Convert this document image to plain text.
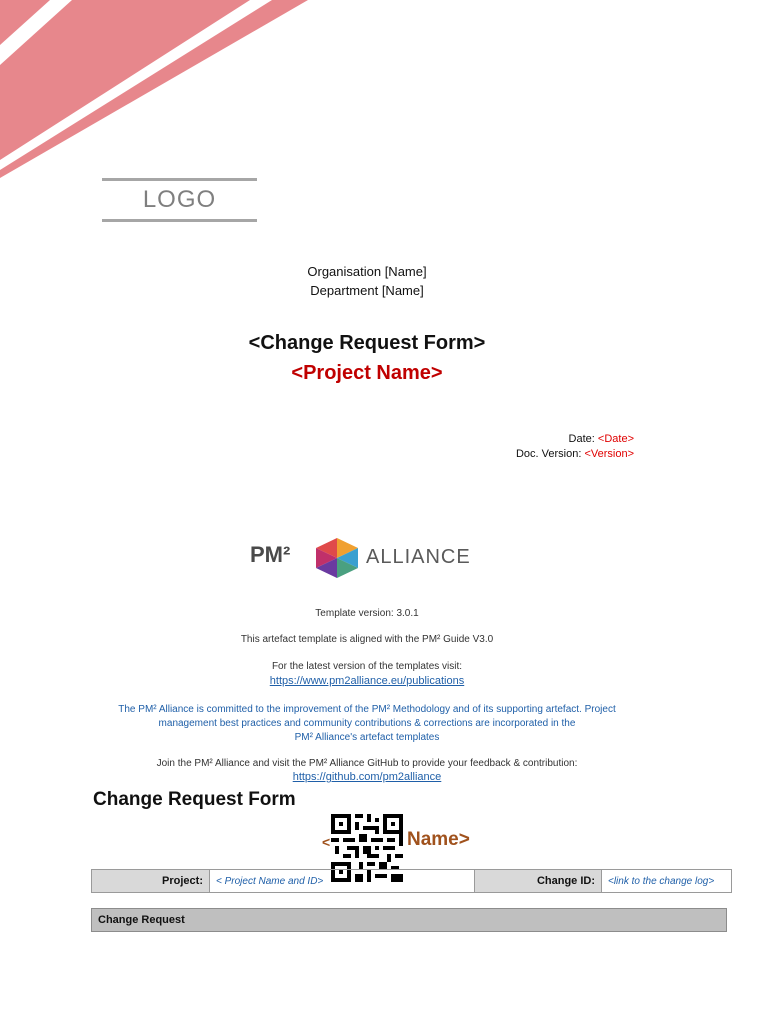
LOGO
Organisation [Name]
Department [Name]
<Change Request Form>
<Project Name>
Date: <Date>
Doc. Version: <Version>
PM²	ALLIANCE
Template version: 3.0.1
This artefact template is aligned with the PM² Guide V3.0
For the latest version of the templates visit:
https://www.pm2alliance.eu/publications
The PM² Alliance is committed to the improvement of the PM² Methodology and of its supporting artefact. Project
management best practices and community contributions & corrections are incorporated in the
PM² Alliance's artefact templates
Join the PM² Alliance and visit the PM² Alliance GitHub to provide your feedback & contribution:
https://github.com/pm2alliance
Change Request Form
<	Name>
Project:	< Project Name and ID>	Change ID:	<link to the change log>
Change Request
